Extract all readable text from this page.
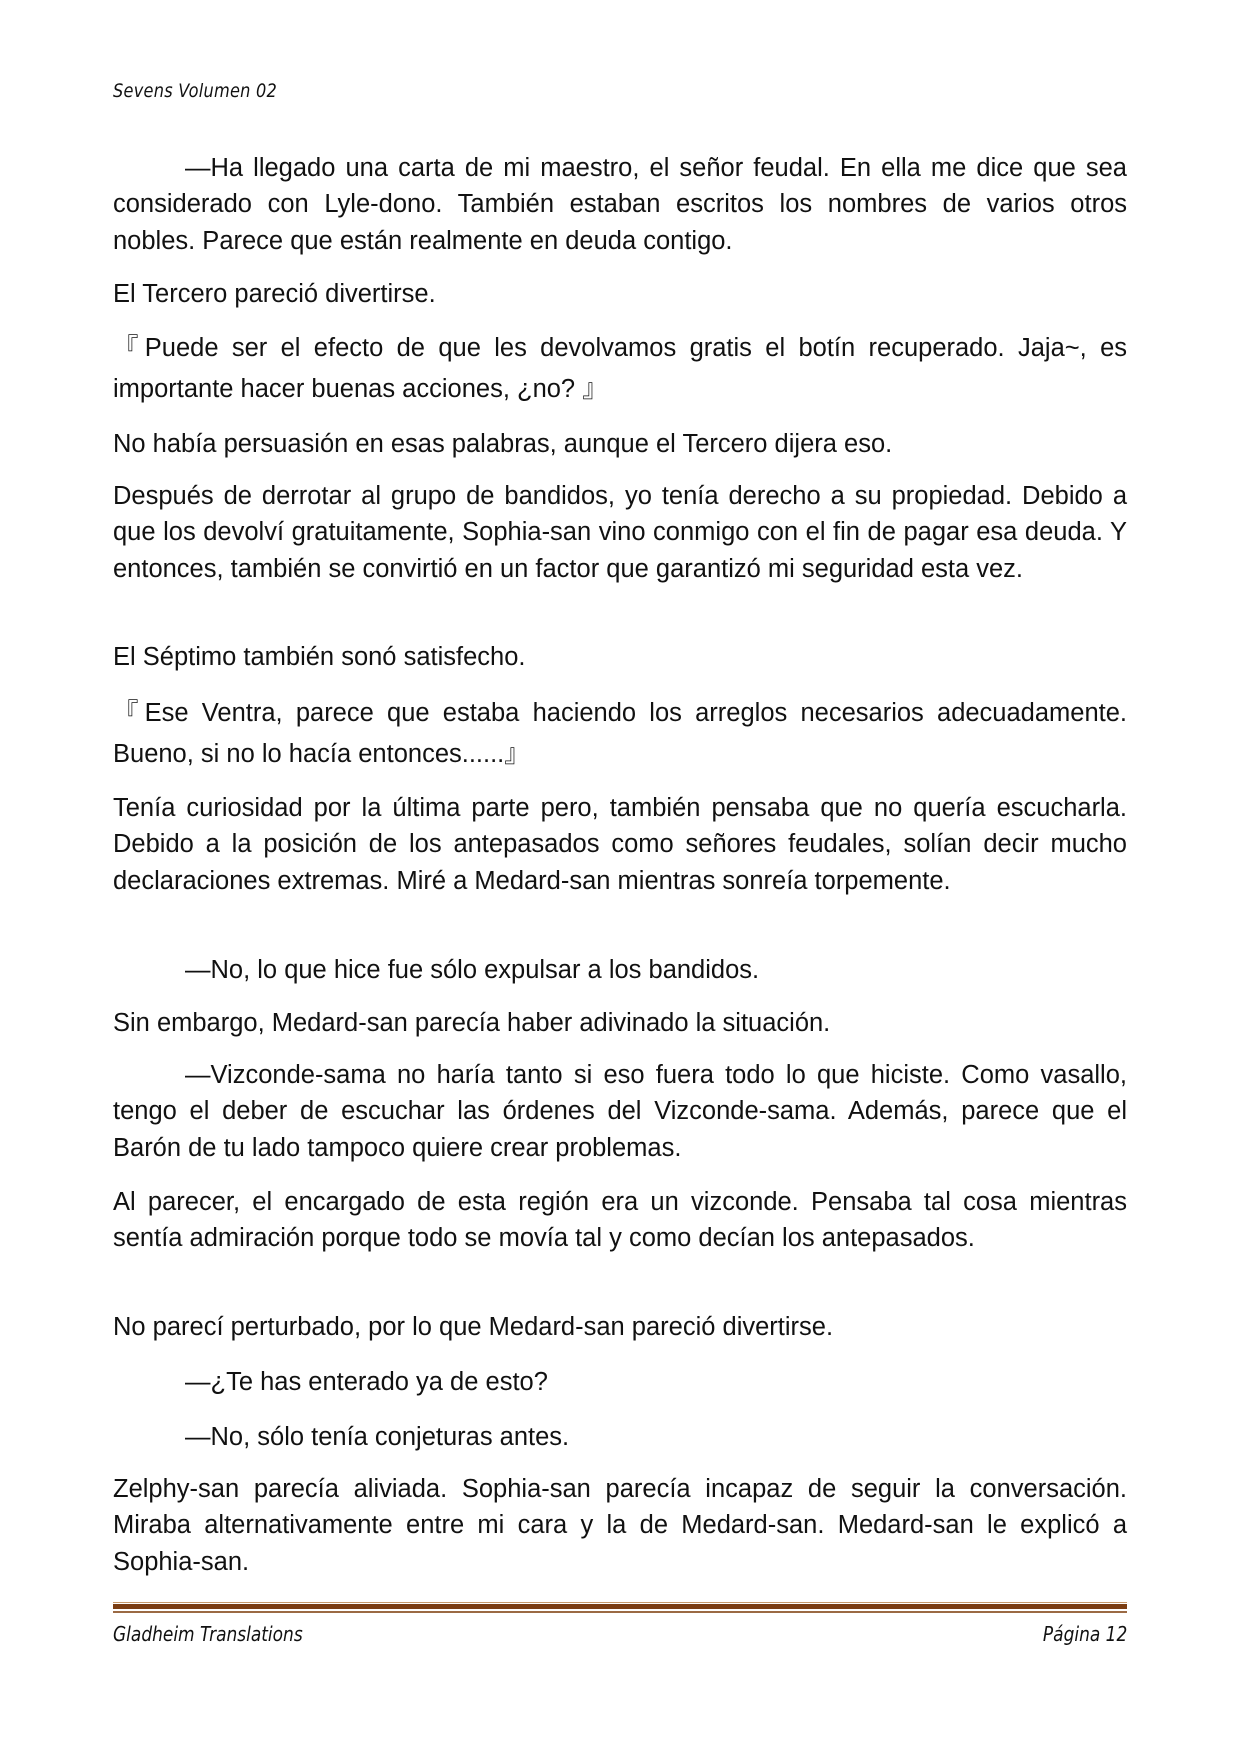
Sevens Volumen 02

—Ha llegado una carta de mi maestro, el señor feudal. En ella me dice que sea considerado con Lyle-dono. También estaban escritos los nombres de varios otros nobles. Parece que están realmente en deuda contigo.

El Tercero pareció divertirse.

『Puede ser el efecto de que les devolvamos gratis el botín recuperado. Jaja~, es importante hacer buenas acciones, ¿no? 』

No había persuasión en esas palabras, aunque el Tercero dijera eso.

Después de derrotar al grupo de bandidos, yo tenía derecho a su propiedad. Debido a que los devolví gratuitamente, Sophia-san vino conmigo con el fin de pagar esa deuda. Y entonces, también se convirtió en un factor que garantizó mi seguridad esta vez.

El Séptimo también sonó satisfecho.

『Ese Ventra, parece que estaba haciendo los arreglos necesarios adecuadamente. Bueno, si no lo hacía entonces......』

Tenía curiosidad por la última parte pero, también pensaba que no quería escucharla. Debido a la posición de los antepasados como señores feudales, solían decir mucho declaraciones extremas. Miré a Medard-san mientras sonreía torpemente.

—No, lo que hice fue sólo expulsar a los bandidos.

Sin embargo, Medard-san parecía haber adivinado la situación.

—Vizconde-sama no haría tanto si eso fuera todo lo que hiciste. Como vasallo, tengo el deber de escuchar las órdenes del Vizconde-sama. Además, parece que el Barón de tu lado tampoco quiere crear problemas.

Al parecer, el encargado de esta región era un vizconde. Pensaba tal cosa mientras sentía admiración porque todo se movía tal y como decían los antepasados.

No parecí perturbado, por lo que Medard-san pareció divertirse.

—¿Te has enterado ya de esto?

—No, sólo tenía conjeturas antes.

Zelphy-san parecía aliviada. Sophia-san parecía incapaz de seguir la conversación. Miraba alternativamente entre mi cara y la de Medard-san. Medard-san le explicó a Sophia-san.

Gladheim Translations	Página 12
